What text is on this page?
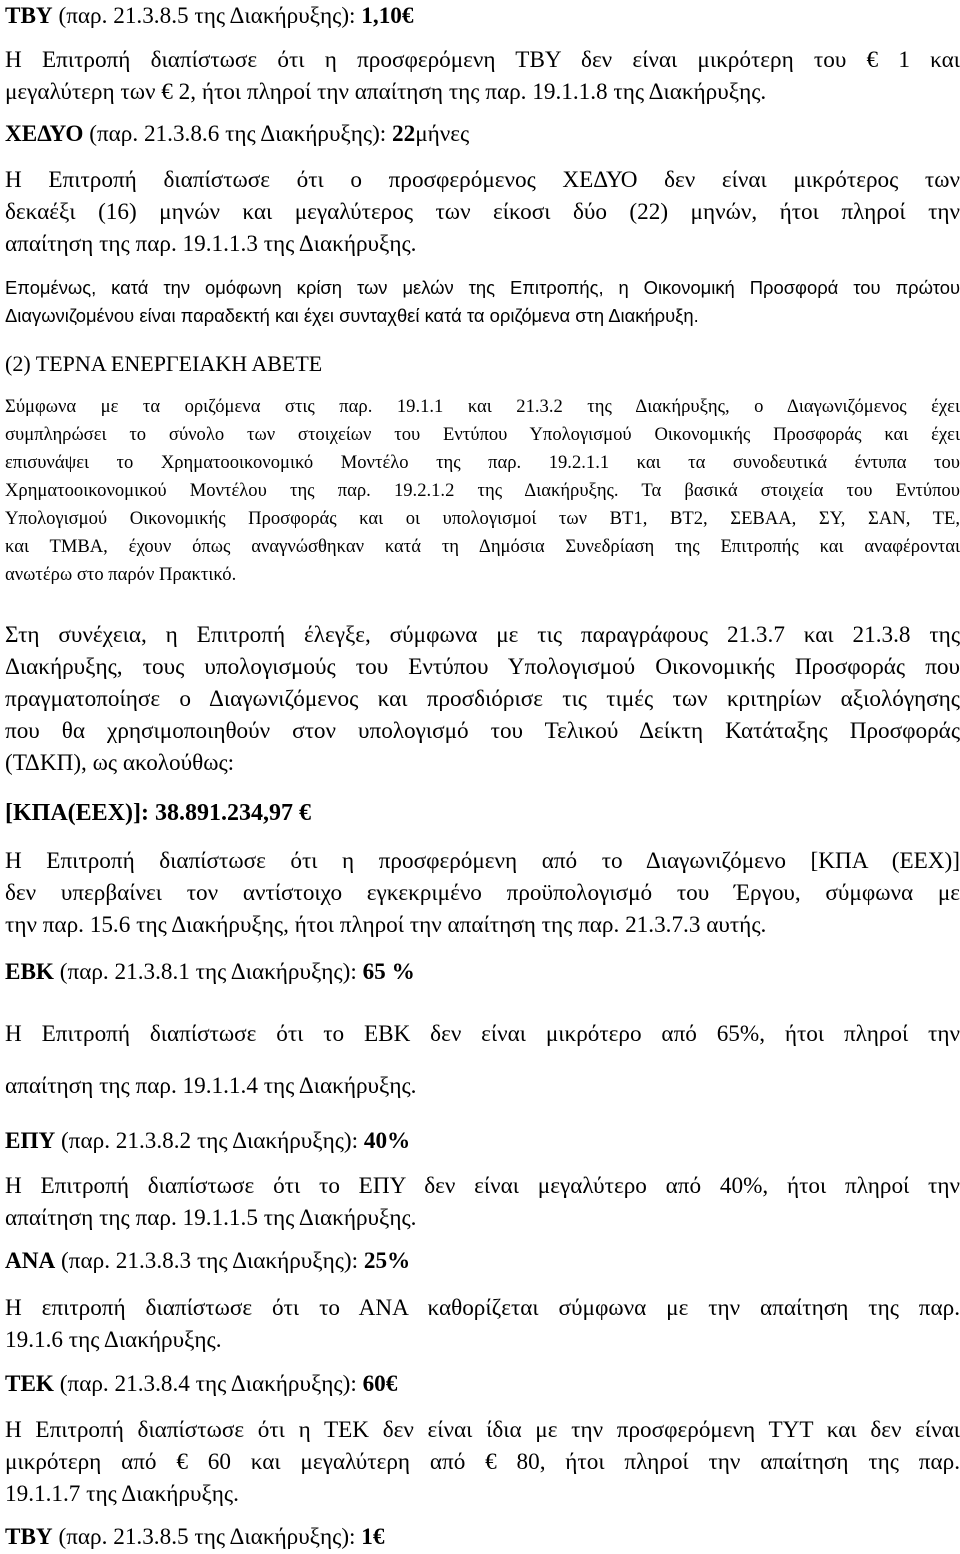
ΤΒΥ (παρ. 21.3.8.5 της Διακήρυξης): 1,10€
Η Επιτροπή διαπίστωσε ότι η προσφερόμενη ΤΒΥ δεν είναι μικρότερη του € 1 και
μεγαλύτερη των € 2, ήτοι πληροί την απαίτηση της παρ. 19.1.1.8 της Διακήρυξης.
ΧΕΔΥΟ (παρ. 21.3.8.6 της Διακήρυξης): 22μήνες
Η Επιτροπή διαπίστωσε ότι ο προσφερόμενος ΧΕΔΥΟ δεν είναι μικρότερος των
δεκαέξι (16) μηνών και μεγαλύτερος των είκοσι δύο (22) μηνών, ήτοι πληροί την
απαίτηση της παρ. 19.1.1.3 της Διακήρυξης.
Επομένως, κατά την ομόφωνη κρίση των μελών της Επιτροπής, η Οικονομική Προσφορά του πρώτου
Διαγωνιζομένου είναι παραδεκτή και έχει συνταχθεί κατά τα οριζόμενα στη Διακήρυξη.
(2) ΤΕΡΝΑ ΕΝΕΡΓΕΙΑΚΗ ΑΒΕΤΕ
Σύμφωνα με τα οριζόμενα στις παρ. 19.1.1 και 21.3.2 της Διακήρυξης, ο Διαγωνιζόμενος έχει
συμπληρώσει το σύνολο των στοιχείων του Εντύπου Υπολογισμού Οικονομικής Προσφοράς και έχει
επισυνάψει το Χρηματοοικονομικό Μοντέλο της παρ. 19.2.1.1 και τα συνοδευτικά έντυπα του
Χρηματοοικονομικού Μοντέλου της παρ. 19.2.1.2 της Διακήρυξης. Τα βασικά στοιχεία του Εντύπου
Υπολογισμού Οικονομικής Προσφοράς και οι υπολογισμοί των ΒΤ1, ΒΤ2, ΣΕΒΑΑ, ΣΥ, ΣΑΝ, ΤΕ,
και ΤΜΒΑ, έχουν όπως αναγνώσθηκαν κατά τη Δημόσια Συνεδρίαση της Επιτροπής και αναφέρονται
ανωτέρω στο παρόν Πρακτικό.
Στη συνέχεια, η Επιτροπή έλεγξε, σύμφωνα με τις παραγράφους 21.3.7 και 21.3.8 της
Διακήρυξης, τους υπολογισμούς του Εντύπου Υπολογισμού Οικονομικής Προσφοράς που
πραγματοποίησε ο Διαγωνιζόμενος και προσδιόρισε τις τιμές των κριτηρίων αξιολόγησης
που θα χρησιμοποιηθούν στον υπολογισμό του Τελικού Δείκτη Κατάταξης Προσφοράς
(ΤΔΚΠ), ως ακολούθως:
[ΚΠΑ(ΕΕΧ)]: 38.891.234,97 €
Η Επιτροπή διαπίστωσε ότι η προσφερόμενη από το Διαγωνιζόμενο [ΚΠΑ (ΕΕΧ)]
δεν υπερβαίνει τον αντίστοιχο εγκεκριμένο προϋπολογισμό του Έργου, σύμφωνα με
την παρ. 15.6 της Διακήρυξης, ήτοι πληροί την απαίτηση της παρ. 21.3.7.3 αυτής.
ΕΒΚ (παρ. 21.3.8.1 της Διακήρυξης): 65 %
Η Επιτροπή διαπίστωσε ότι το ΕΒΚ δεν είναι μικρότερο από 65%, ήτοι πληροί την
απαίτηση της παρ. 19.1.1.4 της Διακήρυξης.
ΕΠΥ (παρ. 21.3.8.2 της Διακήρυξης): 40%
Η Επιτροπή διαπίστωσε ότι το ΕΠΥ δεν είναι μεγαλύτερο από 40%, ήτοι πληροί την
απαίτηση της παρ. 19.1.1.5 της Διακήρυξης.
ΑΝΑ (παρ. 21.3.8.3 της Διακήρυξης): 25%
Η επιτροπή διαπίστωσε ότι το ΑΝΑ καθορίζεται σύμφωνα με την απαίτηση της παρ.
19.1.6 της Διακήρυξης.
ΤΕΚ (παρ. 21.3.8.4 της Διακήρυξης): 60€
Η Επιτροπή διαπίστωσε ότι η ΤΕΚ δεν είναι ίδια με την προσφερόμενη ΤΥΤ και δεν είναι
μικρότερη από € 60 και μεγαλύτερη από € 80, ήτοι πληροί την απαίτηση της παρ.
19.1.1.7 της Διακήρυξης.
ΤΒΥ (παρ. 21.3.8.5 της Διακήρυξης): 1€
